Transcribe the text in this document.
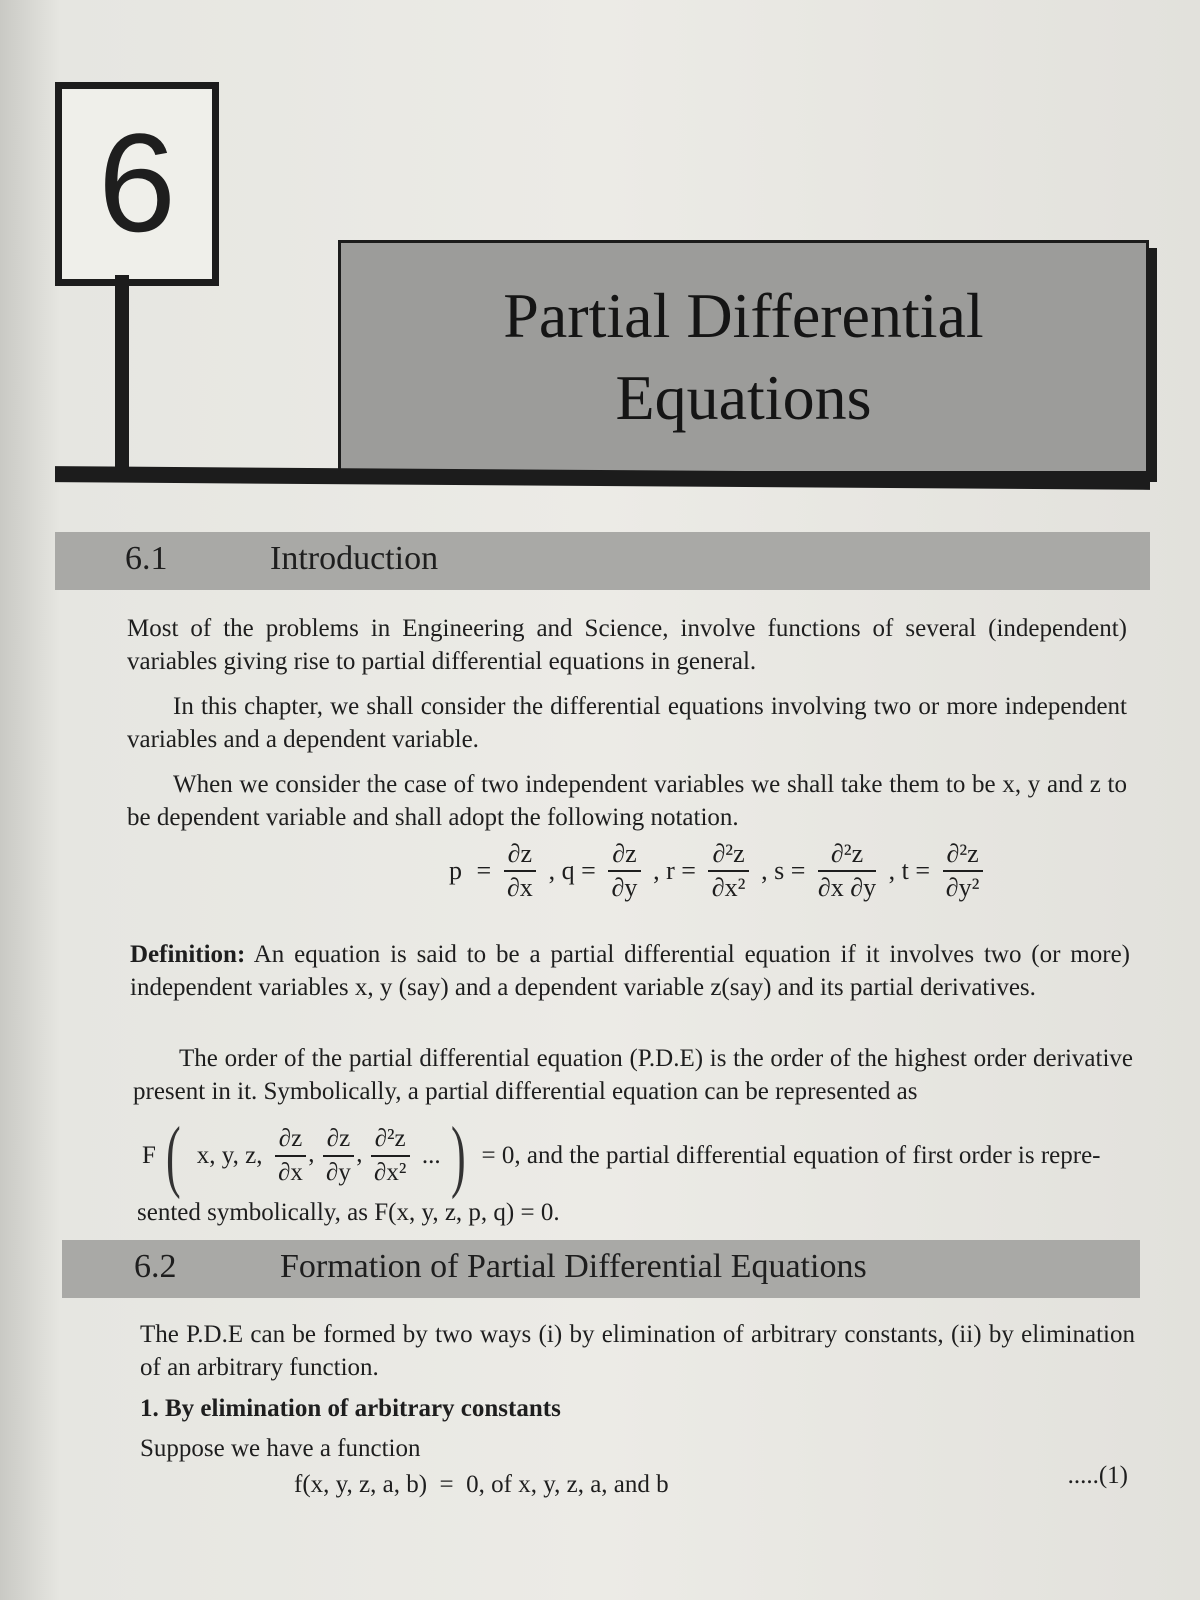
6
Partial Differential
Equations
6.1	Introduction
Most of the problems in Engineering and Science, involve functions of several (independent) variables giving rise to partial differential equations in general.
In this chapter, we shall consider the differential equations involving two or more independent variables and a dependent variable.
When we consider the case of two independent variables we shall take them to be x, y and z to be dependent variable and shall adopt the following notation.
$p = \frac{\partial z}{\partial x}$ , $q = \frac{\partial z}{\partial y}$ , $r = \frac{\text{∂²z}}{\text{∂x²}}$ , $s = \frac{\text{∂²z}}{\partial x \partial y}$ , $t = \frac{\text{∂²z}}{\text{∂y²}}$
Definition: An equation is said to be a partial differential equation if it involves two (or more) independent variables x, y (say) and a dependent variable z(say) and its partial derivatives.
The order of the partial differential equation (P.D.E) is the order of the highest order derivative present in it. Symbolically, a partial differential equation can be represented as
F ( x, y, z, $\frac{\partial z}{\partial x}$ , $\frac{\partial z}{\partial y}$ , $\frac{\text{∂²z}}{\text{∂x²}}$ ... ) = 0, and the partial differential equation of first order is repre-
sented symbolically, as F(x, y, z, p, q) = 0.
6.2	Formation of Partial Differential Equations
The P.D.E can be formed by two ways (i) by elimination of arbitrary constants, (ii) by elimination of an arbitrary function.
1. By elimination of arbitrary constants
Suppose we have a function
f(x, y, z, a, b)  =  0, of x, y, z, a, and b	.....(1)
